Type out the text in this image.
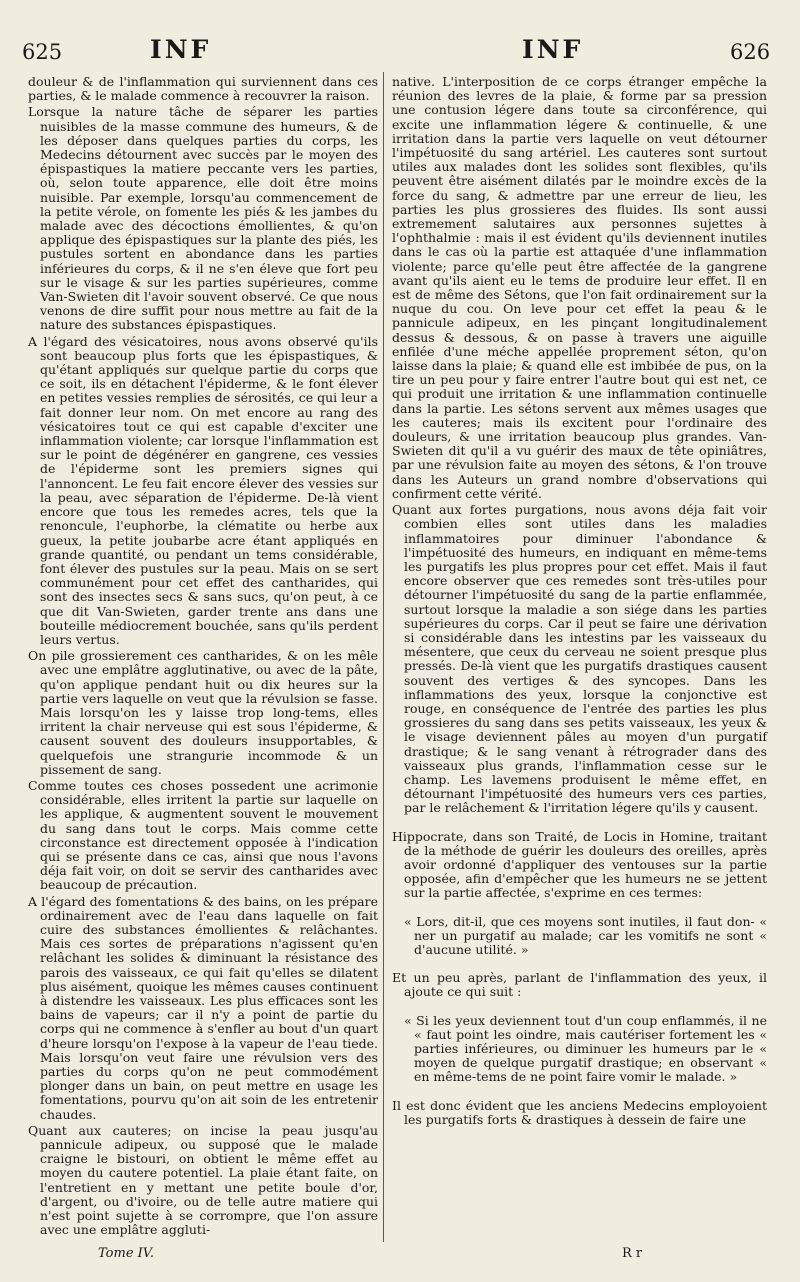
625	INF	INF	626

douleur & de l'inflammation qui surviennent dans ces parties, & le malade commence à recouvrer la raison.

Lorsque la nature tâche de séparer les parties nuisibles de la masse commune des humeurs, & de les déposer dans quelques parties du corps, les Medecins détournent avec succès par le moyen des épispastiques la matiere peccante vers les parties, où, selon toute apparence, elle doit être moins nuisible. Par exemple, lorsqu'au commencement de la petite vérole, on fomente les piés & les jambes du malade avec des décoctions émollientes, & qu'on applique des épispastiques sur la plante des piés, les pustules sortent en abondance dans les parties inférieures du corps, & il ne s'en éleve que fort peu sur le visage & sur les parties supérieures, comme Van-Swieten dit l'avoir souvent observé. Ce que nous venons de dire suffit pour nous mettre au fait de la nature des substances épispastiques.

A l'égard des vésicatoires, nous avons observé qu'ils sont beaucoup plus forts que les épispastiques, & qu'étant appliqués sur quelque partie du corps que ce soit, ils en détachent l'épiderme, & le font élever en petites vessies remplies de sérosités, ce qui leur a fait donner leur nom. On met encore au rang des vésicatoires tout ce qui est capable d'exciter une inflammation violente; car lorsque l'inflammation est sur le point de dégénérer en gangrene, ces vessies de l'épiderme sont les premiers signes qui l'annoncent. Le feu fait encore élever des vessies sur la peau, avec séparation de l'épiderme. De-là vient encore que tous les remedes acres, tels que la renoncule, l'euphorbe, la clématite ou herbe aux gueux, la petite joubarbe acre étant appliqués en grande quantité, ou pendant un tems considérable, font élever des pustules sur la peau. Mais on se sert communément pour cet effet des cantharides, qui sont des insectes secs & sans sucs, qu'on peut, à ce que dit Van-Swieten, garder trente ans dans une bouteille médiocrement bouchée, sans qu'ils perdent leurs vertus.

On pile grossierement ces cantharides, & on les mêle avec une emplâtre agglutinative, ou avec de la pâte, qu'on applique pendant huit ou dix heures sur la partie vers laquelle on veut que la révulsion se fasse. Mais lorsqu'on les y laisse trop long-tems, elles irritent la chair nerveuse qui est sous l'épiderme, & causent souvent des douleurs insupportables, & quelquefois une strangurie incommode & un pissement de sang.

Comme toutes ces choses possedent une acrimonie considérable, elles irritent la partie sur laquelle on les applique, & augmentent souvent le mouvement du sang dans tout le corps. Mais comme cette circonstance est directement opposée à l'indication qui se présente dans ce cas, ainsi que nous l'avons déja fait voir, on doit se servir des cantharides avec beaucoup de précaution.

A l'égard des fomentations & des bains, on les prépare ordinairement avec de l'eau dans laquelle on fait cuire des substances émollientes & relâchantes. Mais ces sortes de préparations n'agissent qu'en relâchant les solides & diminuant la résistance des parois des vaisseaux, ce qui fait qu'elles se dilatent plus aisément, quoique les mêmes causes continuent à distendre les vaisseaux. Les plus efficaces sont les bains de vapeurs; car il n'y a point de partie du corps qui ne commence à s'enfler au bout d'un quart d'heure lorsqu'on l'expose à la vapeur de l'eau tiede. Mais lorsqu'on veut faire une révulsion vers des parties du corps qu'on ne peut commodément plonger dans un bain, on peut mettre en usage les fomentations, pourvu qu'on ait soin de les entretenir chaudes.

Quant aux cauteres; on incise la peau jusqu'au pannicule adipeux, ou supposé que le malade craigne le bistouri, on obtient le même effet au moyen du cautere potentiel. La plaie étant faite, on l'entretient en y mettant une petite boule d'or, d'argent, ou d'ivoire, ou de telle autre matiere qui n'est point sujette à se corrompre, que l'on assure avec une emplâtre aggluti-

native. L'interposition de ce corps étranger empêche la réunion des levres de la plaie, & forme par sa pression une contusion légere dans toute sa circonférence, qui excite une inflammation légere & continuelle, & une irritation dans la partie vers laquelle on veut détourner l'impétuosité du sang artériel. Les cauteres sont surtout utiles aux malades dont les solides sont flexibles, qu'ils peuvent être aisément dilatés par le moindre excès de la force du sang, & admettre par une erreur de lieu, les parties les plus grossieres des fluides. Ils sont aussi extremement salutaires aux personnes sujettes à l'ophthalmie : mais il est évident qu'ils deviennent inutiles dans le cas où la partie est attaquée d'une inflammation violente; parce qu'elle peut être affectée de la gangrene avant qu'ils aient eu le tems de produire leur effet. Il en est de même des Sétons, que l'on fait ordinairement sur la nuque du cou. On leve pour cet effet la peau & le pannicule adipeux, en les pinçant longitudinalement dessus & dessous, & on passe à travers une aiguille enfilée d'une méche appellée proprement séton, qu'on laisse dans la plaie; & quand elle est imbibée de pus, on la tire un peu pour y faire entrer l'autre bout qui est net, ce qui produit une irritation & une inflammation continuelle dans la partie. Les sétons servent aux mêmes usages que les cauteres; mais ils excitent pour l'ordinaire des douleurs, & une irritation beaucoup plus grandes. Van-Swieten dit qu'il a vu guérir des maux de tête opiniâtres, par une révulsion faite au moyen des sétons, & l'on trouve dans les Auteurs un grand nombre d'observations qui confirment cette vérité.

Quant aux fortes purgations, nous avons déja fait voir combien elles sont utiles dans les maladies inflammatoires pour diminuer l'abondance & l'impétuosité des humeurs, en indiquant en même-tems les purgatifs les plus propres pour cet effet. Mais il faut encore observer que ces remedes sont très-utiles pour détourner l'impétuosité du sang de la partie enflammée, surtout lorsque la maladie a son siége dans les parties supérieures du corps. Car il peut se faire une dérivation si considérable dans les intestins par les vaisseaux du mésentere, que ceux du cerveau ne soient presque plus pressés. De-là vient que les purgatifs drastiques causent souvent des vertiges & des syncopes. Dans les inflammations des yeux, lorsque la conjonctive est rouge, en conséquence de l'entrée des parties les plus grossieres du sang dans ses petits vaisseaux, les yeux & le visage deviennent pâles au moyen d'un purgatif drastique; & le sang venant à rétrograder dans des vaisseaux plus grands, l'inflammation cesse sur le champ. Les lavemens produisent le même effet, en détournant l'impétuosité des humeurs vers ces parties, par le relâchement & l'irritation légere qu'ils y causent.

Hippocrate, dans son Traité, de Locis in Homine, traitant de la méthode de guérir les douleurs des oreilles, après avoir ordonné d'appliquer des ventouses sur la partie opposée, afin d'empêcher que les humeurs ne se jettent sur la partie affectée, s'exprime en ces termes:

« Lors, dit-il, que ces moyens sont inutiles, il faut don- « ner un purgatif au malade; car les vomitifs ne sont « d'aucune utilité. »

Et un peu après, parlant de l'inflammation des yeux, il ajoute ce qui suit :

« Si les yeux deviennent tout d'un coup enflammés, il ne « faut point les oindre, mais cautériser fortement les « parties inférieures, ou diminuer les humeurs par le « moyen de quelque purgatif drastique; en observant « en même-tems de ne point faire vomir le malade. »

Il est donc évident que les anciens Medecins employoient les purgatifs forts & drastiques à dessein de faire une

Tome IV.	R r
